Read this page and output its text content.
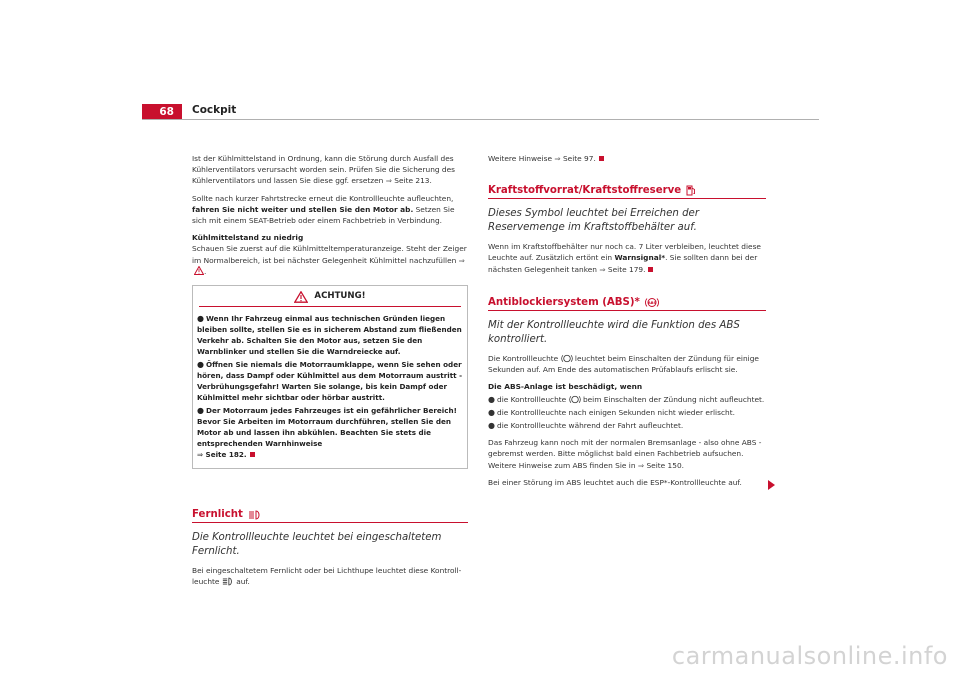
68	Cockpit

Ist der Kühlmittelstand in Ordnung, kann die Störung durch Ausfall des Kühlerventilators verursacht worden sein. Prüfen Sie die Sicherung des Kühlerventilators und lassen Sie diese ggf. ersetzen ⇒ Seite 213.

Sollte nach kurzer Fahrtstrecke erneut die Kontrollleuchte aufleuchten, fahren Sie nicht weiter und stellen Sie den Motor ab. Setzen Sie sich mit einem SEAT-Betrieb oder einem Fachbetrieb in Verbindung.

Kühlmittelstand zu niedrig

Schauen Sie zuerst auf die Kühlmitteltemperaturanzeige. Steht der Zeiger im Normalbereich, ist bei nächster Gelegenheit Kühlmittel nachzufüllen ⇒ .

ACHTUNG!
● Wenn Ihr Fahrzeug einmal aus technischen Gründen liegen bleiben sollte, stellen Sie es in sicherem Abstand zum fließenden Verkehr ab. Schalten Sie den Motor aus, setzen Sie den Warnblinker und stellen Sie die Warndreiecke auf.
● Öffnen Sie niemals die Motorraumklappe, wenn Sie sehen oder hören, dass Dampf oder Kühlmittel aus dem Motorraum austritt - Verbrühungsgefahr! Warten Sie solange, bis kein Dampf oder Kühlmittel mehr sichtbar oder hörbar austritt.
● Der Motorraum jedes Fahrzeuges ist ein gefährlicher Bereich! Bevor Sie Arbeiten im Motorraum durchführen, stellen Sie den Motor ab und lassen ihn abkühlen. Beachten Sie stets die entsprechenden Warnhinweise
⇒ Seite 182.
Fernlicht

Die Kontrollleuchte leuchtet bei eingeschaltetem Fernlicht.

Bei eingeschaltetem Fernlicht oder bei Lichthupe leuchtet diese Kontroll-leuchte auf.

Weitere Hinweise ⇒ Seite 97.

Kraftstoffvorrat/Kraftstoffreserve

Dieses Symbol leuchtet bei Erreichen der Reservemenge im Kraftstoffbehälter auf.

Wenn im Kraftstoffbehälter nur noch ca. 7 Liter verbleiben, leuchtet diese Leuchte auf. Zusätzlich ertönt ein Warnsignal*. Sie sollten dann bei der nächsten Gelegenheit tanken ⇒ Seite 179.

Antiblockiersystem (ABS)* ABS

Mit der Kontrollleuchte wird die Funktion des ABS kontrolliert.

Die Kontrollleuchte leuchtet beim Einschalten der Zündung für einige Sekunden auf. Am Ende des automatischen Prüfablaufs erlischt sie.

Die ABS-Anlage ist beschädigt, wenn

● die Kontrollleuchte beim Einschalten der Zündung nicht aufleuchtet.
● die Kontrollleuchte nach einigen Sekunden nicht wieder erlischt.
● die Kontrollleuchte während der Fahrt aufleuchtet.

Das Fahrzeug kann noch mit der normalen Bremsanlage - also ohne ABS - gebremst werden. Bitte möglichst bald einen Fachbetrieb aufsuchen. Weitere Hinweise zum ABS finden Sie in ⇒ Seite 150.

Bei einer Störung im ABS leuchtet auch die ESP*-Kontrollleuchte auf.

carmanualsonline.info
